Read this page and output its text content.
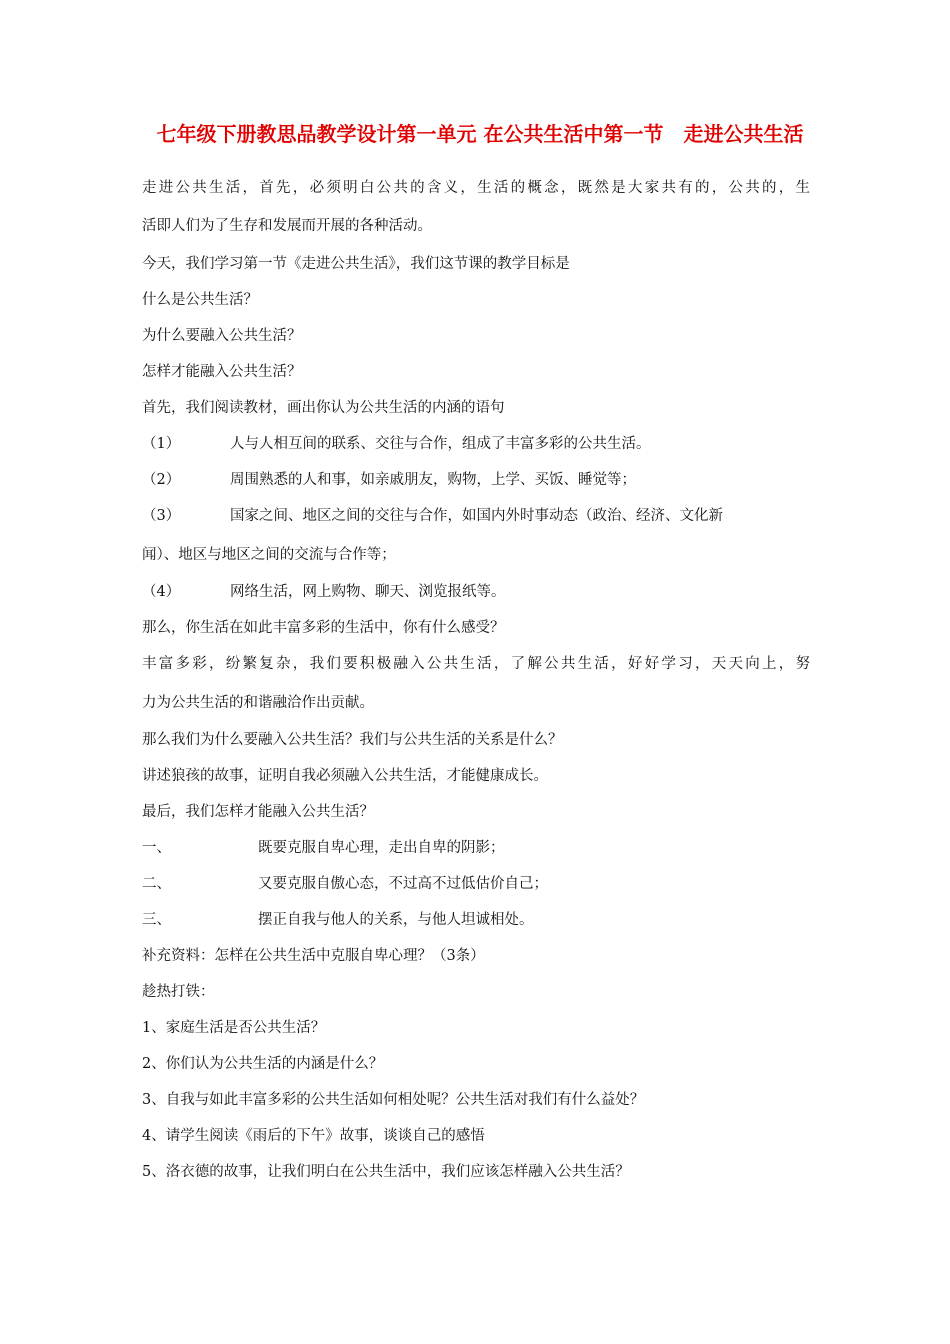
七年级下册教思品教学设计第一单元 在公共生活中第一节　走进公共生活
走进公共生活，首先，必须明白公共的含义，生活的概念，既然是大家共有的，公共的，生
活即人们为了生存和发展而开展的各种活动。
今天，我们学习第一节《走进公共生活》，我们这节课的教学目标是
什么是公共生活？
为什么要融入公共生活？
怎样才能融入公共生活？
首先，我们阅读教材，画出你认为公共生活的内涵的语句
（1）	人与人相互间的联系、交往与合作，组成了丰富多彩的公共生活。
（2）	周围熟悉的人和事，如亲戚朋友，购物，上学、买饭、睡觉等；
（3）	国家之间、地区之间的交往与合作，如国内外时事动态（政治、经济、文化新
闻）、地区与地区之间的交流与合作等；
（4）	网络生活，网上购物、聊天、浏览报纸等。
那么，你生活在如此丰富多彩的生活中，你有什么感受？
丰富多彩，纷繁复杂，我们要积极融入公共生活，了解公共生活，好好学习，天天向上，努
力为公共生活的和谐融洽作出贡献。
那么我们为什么要融入公共生活？我们与公共生活的关系是什么？
讲述狼孩的故事，证明自我必须融入公共生活，才能健康成长。
最后，我们怎样才能融入公共生活？
一、	既要克服自卑心理，走出自卑的阴影；
二、	又要克服自傲心态，不过高不过低估价自己；
三、	摆正自我与他人的关系，与他人坦诚相处。
补充资料：怎样在公共生活中克服自卑心理？（3条）
趁热打铁：
1、家庭生活是否公共生活？
2、你们认为公共生活的内涵是什么？
3、自我与如此丰富多彩的公共生活如何相处呢？公共生活对我们有什么益处？
4、请学生阅读《雨后的下午》故事，谈谈自己的感悟
5、洛衣德的故事，让我们明白在公共生活中，我们应该怎样融入公共生活？
